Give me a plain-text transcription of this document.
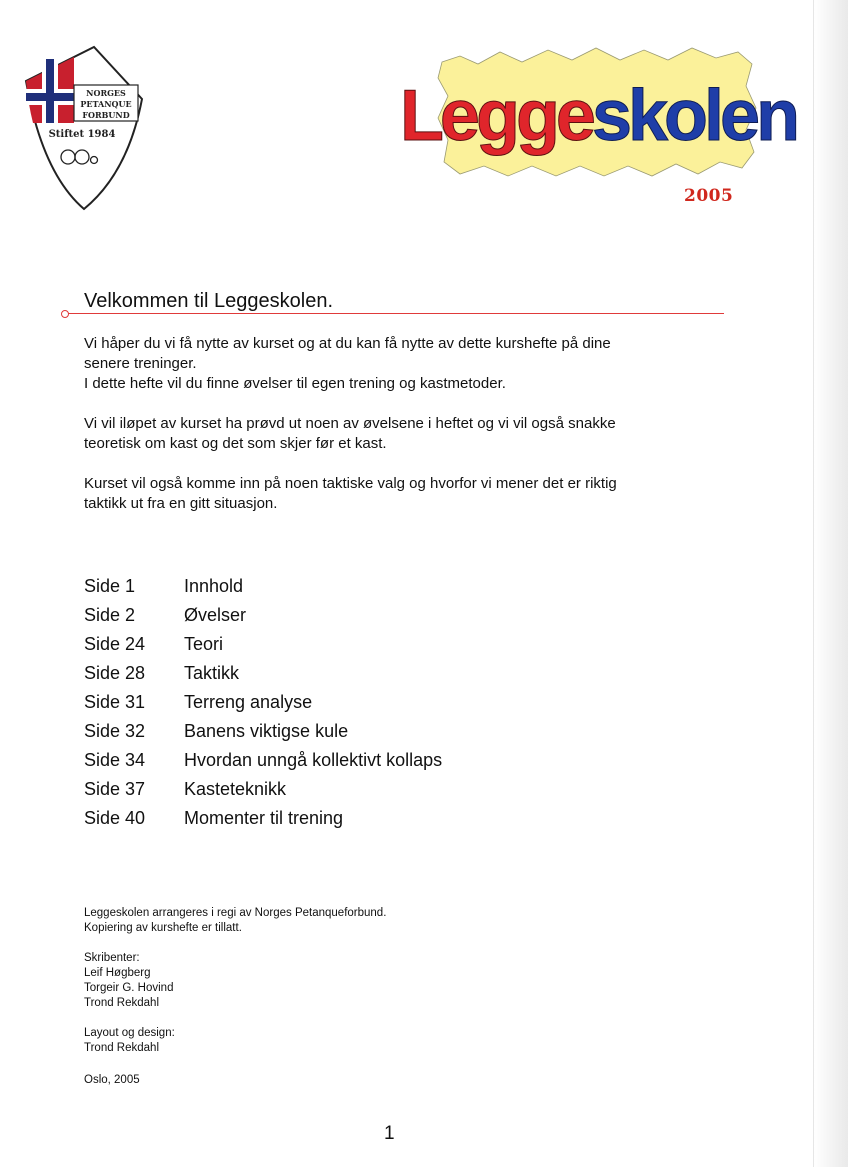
NORGES
PETANQUE
FORBUND
Stiftet 1984	Leggeskolen
2005
Velkommen til Leggeskolen.
Vi håper du vi få nytte av kurset og at du kan få nytte av dette kurshefte på dine
senere treninger.
I dette hefte vil du finne øvelser til egen trening og kastmetoder.
Vi vil iløpet av kurset ha prøvd ut noen av øvelsene i heftet og vi vil også snakke
teoretisk om kast og det som skjer før et kast.
Kurset vil også komme inn på noen taktiske valg og hvorfor vi mener det er riktig
taktikk ut fra en gitt situasjon.
Side 1	Innhold
Side 2	Øvelser
Side 24	Teori
Side 28	Taktikk
Side 31	Terreng analyse
Side 32	Banens viktigse kule
Side 34	Hvordan unngå kollektivt kollaps
Side 37	Kasteteknikk
Side 40	Momenter til trening
Leggeskolen arrangeres i regi av Norges Petanqueforbund.
Kopiering av kurshefte er tillatt.
Skribenter:
Leif Høgberg
Torgeir G. Hovind
Trond Rekdahl
Layout og design:
Trond Rekdahl
Oslo, 2005
1
